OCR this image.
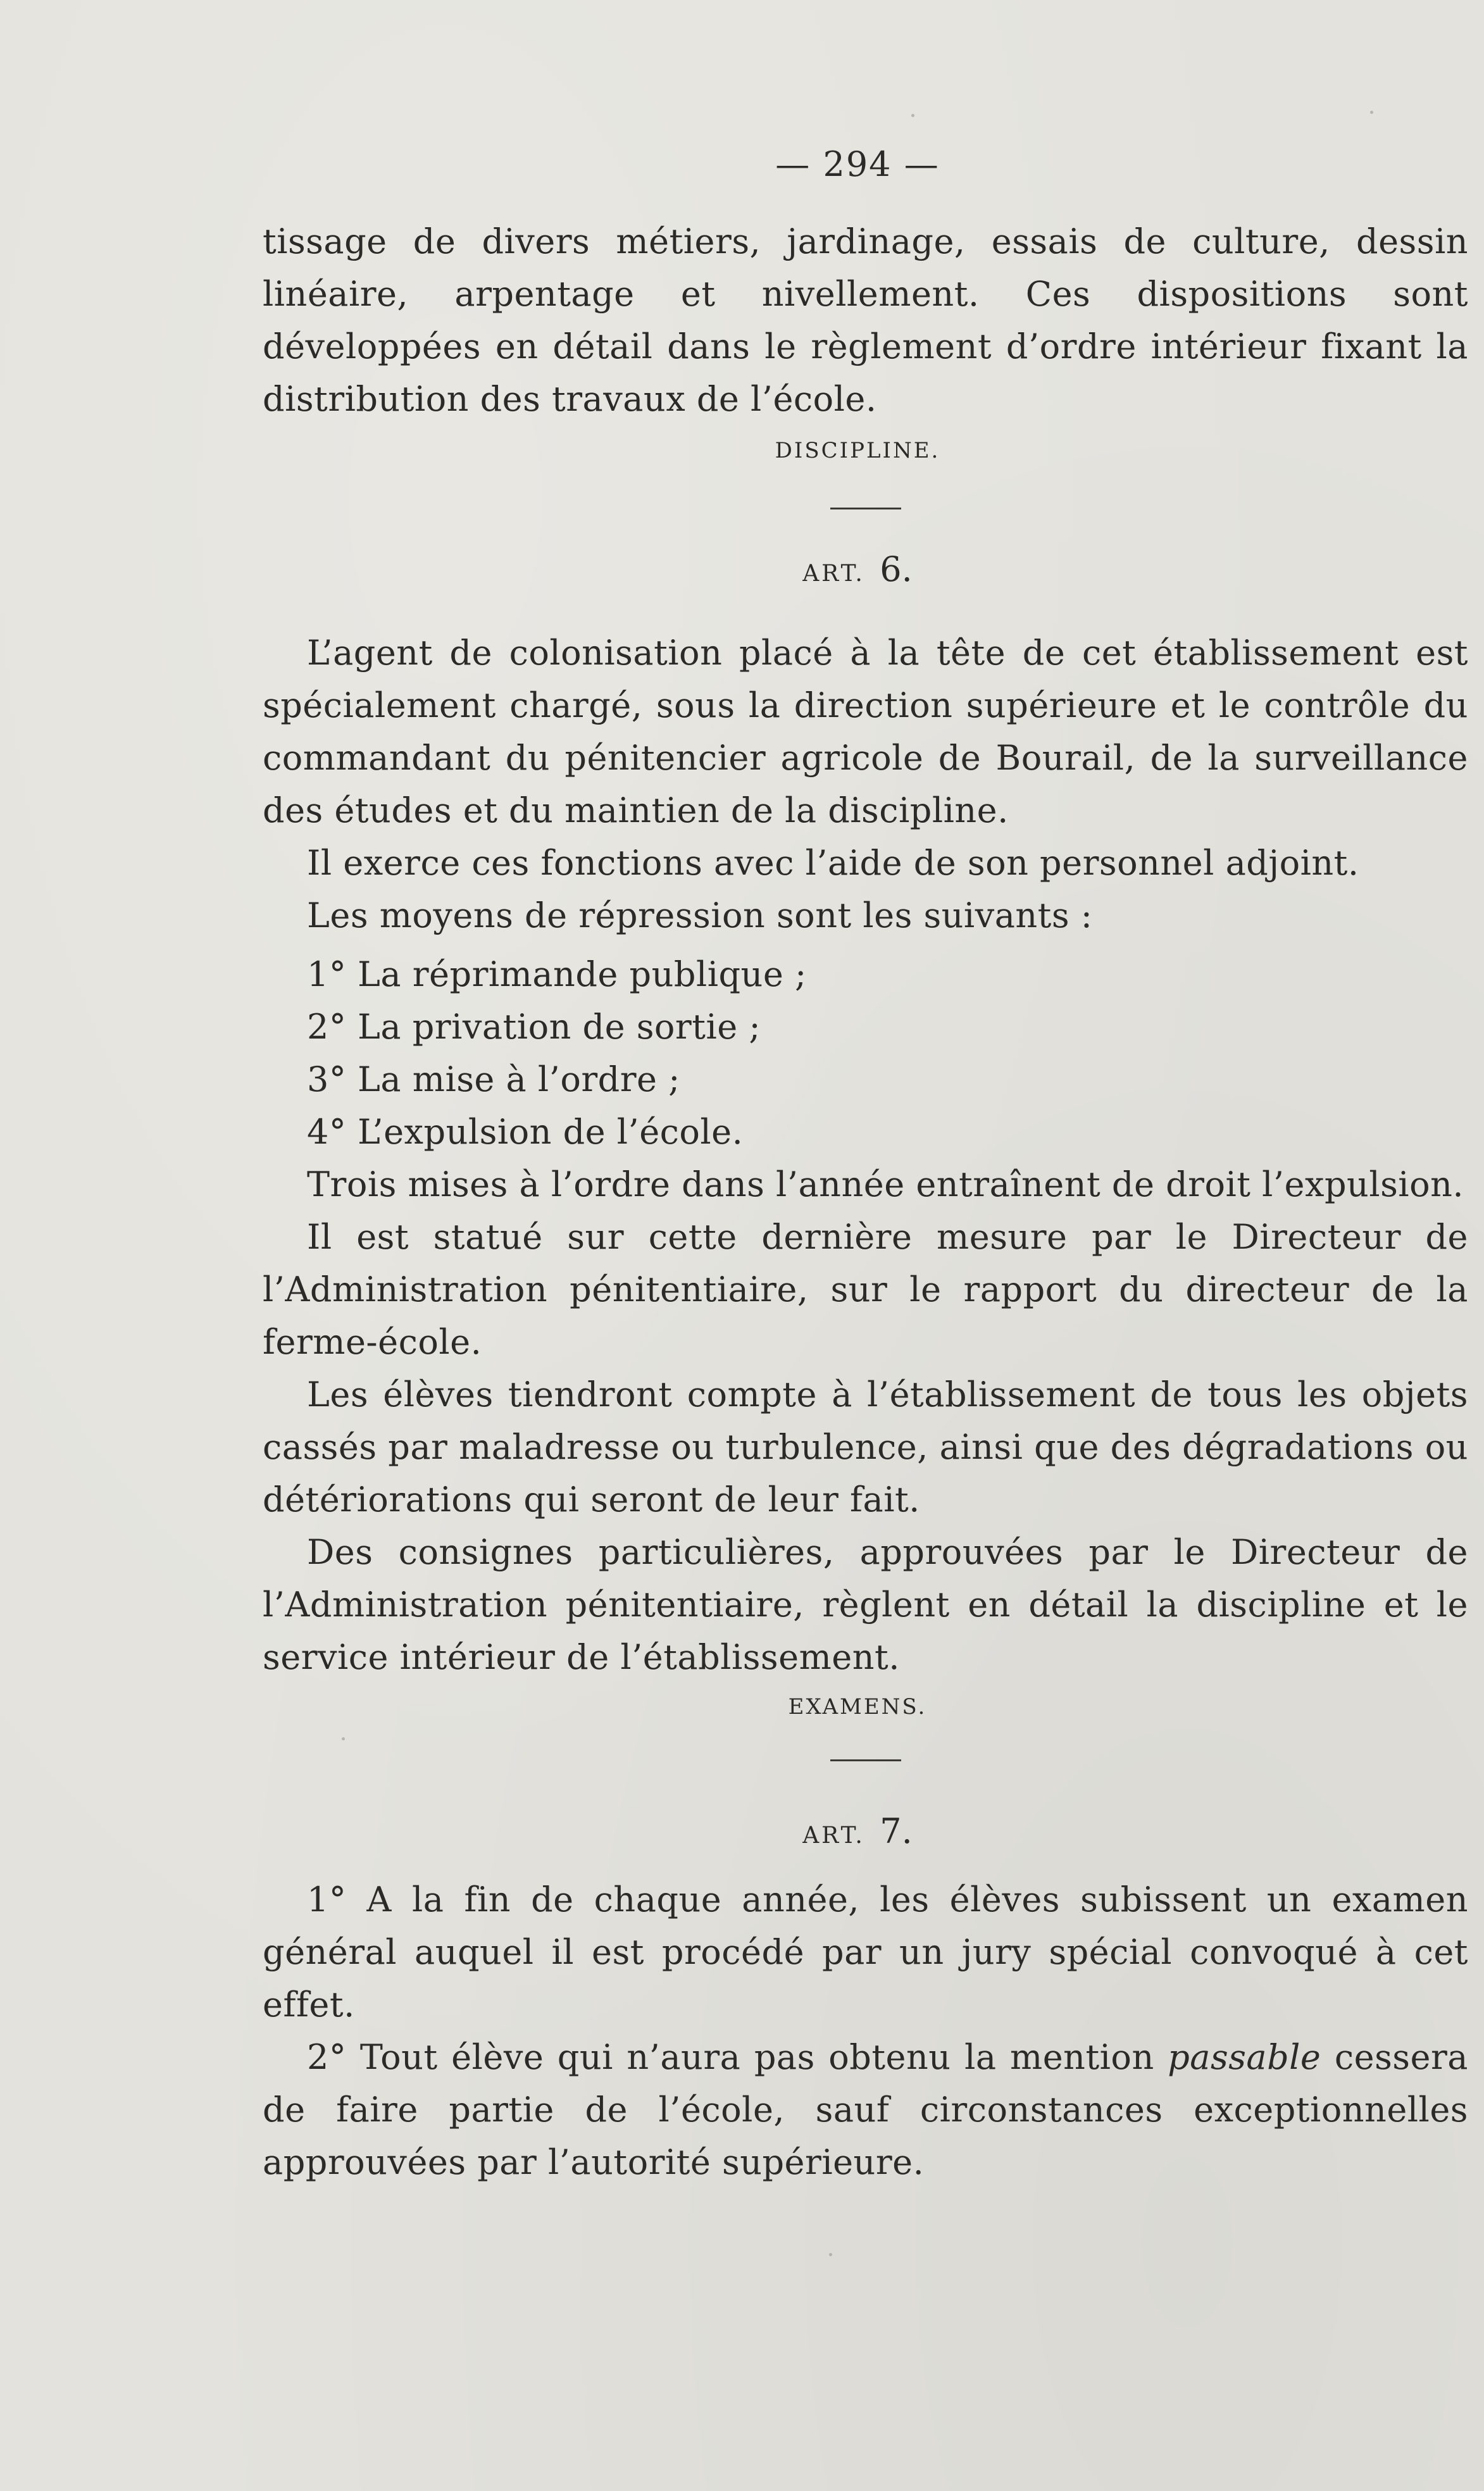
— 294 —

tissage de divers métiers, jardinage, essais de culture, dessin linéaire, arpentage et nivellement. Ces dispositions sont développées en détail dans le règlement d’ordre intérieur fixant la distribution des travaux de l’école.

DISCIPLINE.
ART. 6.

L’agent de colonisation placé à la tête de cet établissement est spécialement chargé, sous la direction supérieure et le contrôle du commandant du pénitencier agricole de Bourail, de la surveillance des études et du maintien de la discipline.

Il exerce ces fonctions avec l’aide de son personnel adjoint.

Les moyens de répression sont les suivants :

1° La réprimande publique ;

2° La privation de sortie ;

3° La mise à l’ordre ;

4° L’expulsion de l’école.

Trois mises à l’ordre dans l’année entraînent de droit l’expulsion.

Il est statué sur cette dernière mesure par le Directeur de l’Administration pénitentiaire, sur le rapport du directeur de la ferme-école.

Les élèves tiendront compte à l’établissement de tous les objets cassés par maladresse ou turbulence, ainsi que des dégradations ou détériorations qui seront de leur fait.

Des consignes particulières, approuvées par le Directeur de l’Administration pénitentiaire, règlent en détail la discipline et le service intérieur de l’établissement.

EXAMENS.
ART. 7.

1° A la fin de chaque année, les élèves subissent un examen général auquel il est procédé par un jury spécial convoqué à cet effet.

2° Tout élève qui n’aura pas obtenu la mention passable cessera de faire partie de l’école, sauf circonstances exceptionnelles approuvées par l’autorité supérieure.
